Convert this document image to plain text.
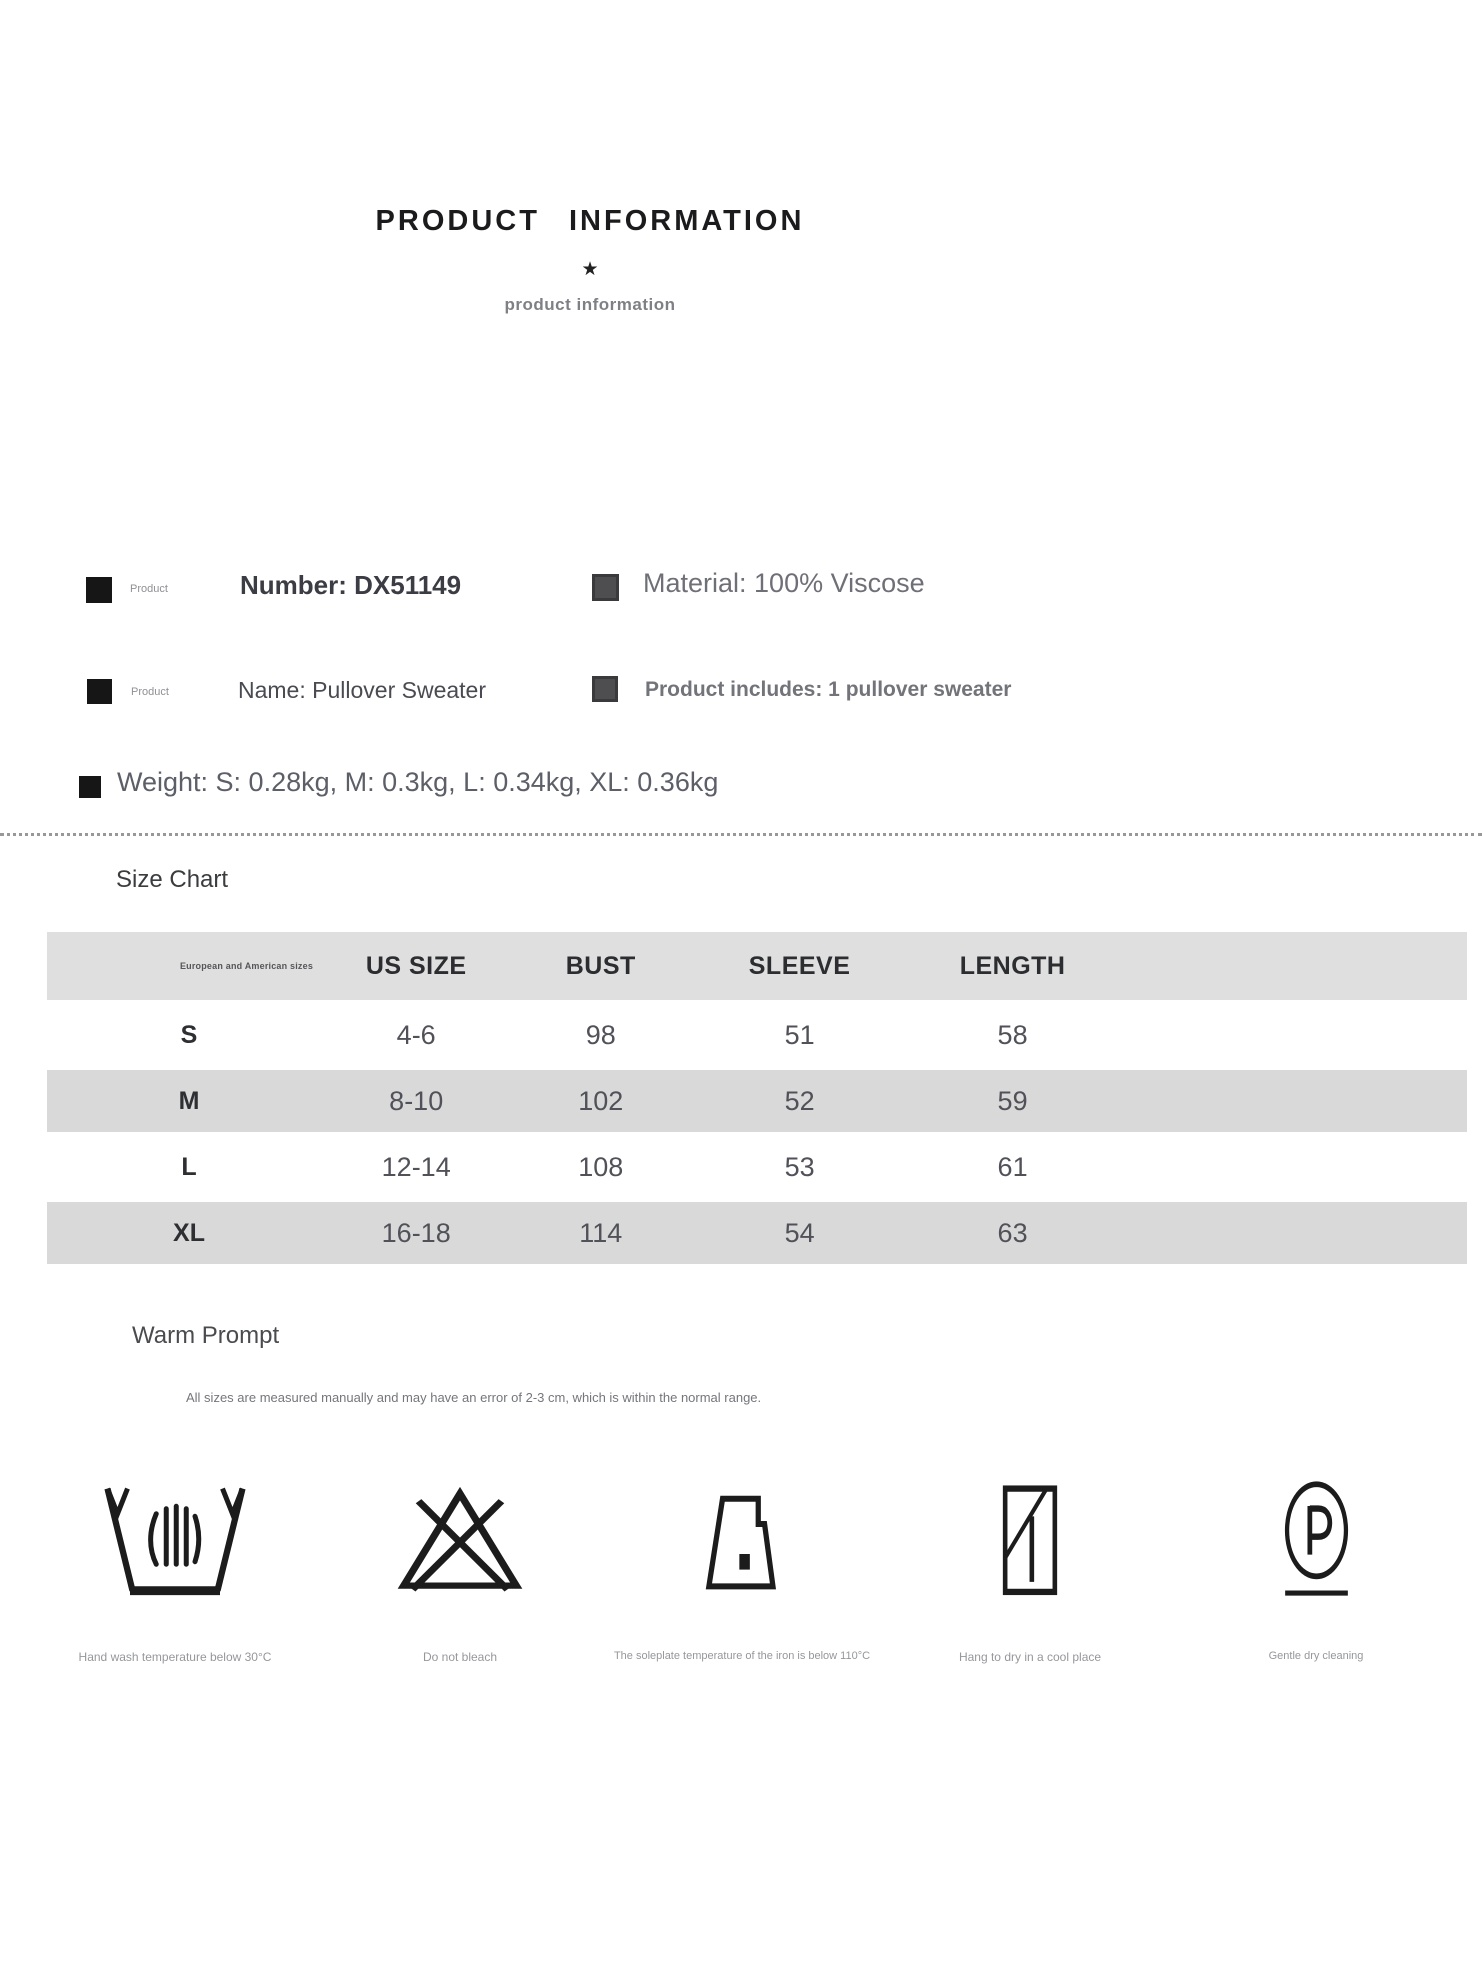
PRODUCT INFORMATION
★
product information
Product	Number: DX51149	Material: 100% Viscose
Product	Name: Pullover Sweater	Product includes: 1 pullover sweater
Weight: S: 0.28kg, M: 0.3kg, L: 0.34kg, XL: 0.36kg
Size Chart
European and American sizes	US SIZE	BUST	SLEEVE	LENGTH	
S	4-6	98	51	58	
M	8-10	102	52	59	
L	12-14	108	53	61	
XL	16-18	114	54	63	
Warm Prompt
All sizes are measured manually and may have an error of 2-3 cm, which is within the normal range.
Hand wash temperature below 30°C	Do not bleach	The soleplate temperature of the iron is below 110°C	Hang to dry in a cool place	Gentle dry cleaning
